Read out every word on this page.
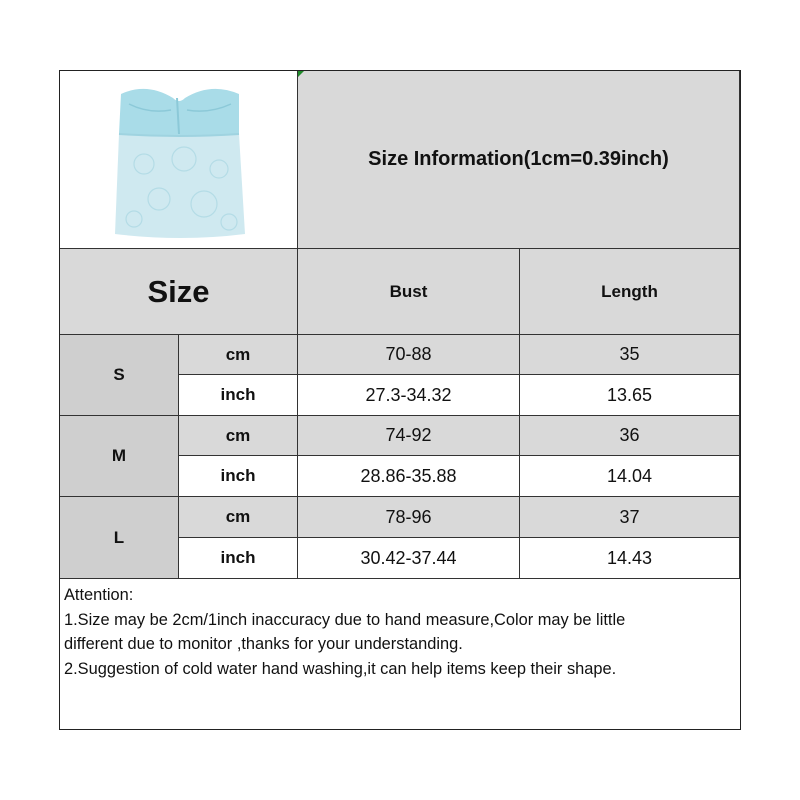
Size Information(1cm=0.39inch)
Size	Bust	Length
S
cm	70-88	35
inch	27.3-34.32	13.65
M
cm	74-92	36
inch	28.86-35.88	14.04
L
cm	78-96	37
inch	30.42-37.44	14.43
Attention:
1.Size may be 2cm/1inch inaccuracy due to hand measure,Color may be little
different due to monitor ,thanks for your understanding.
2.Suggestion of cold water hand washing,it can help items keep their shape.
